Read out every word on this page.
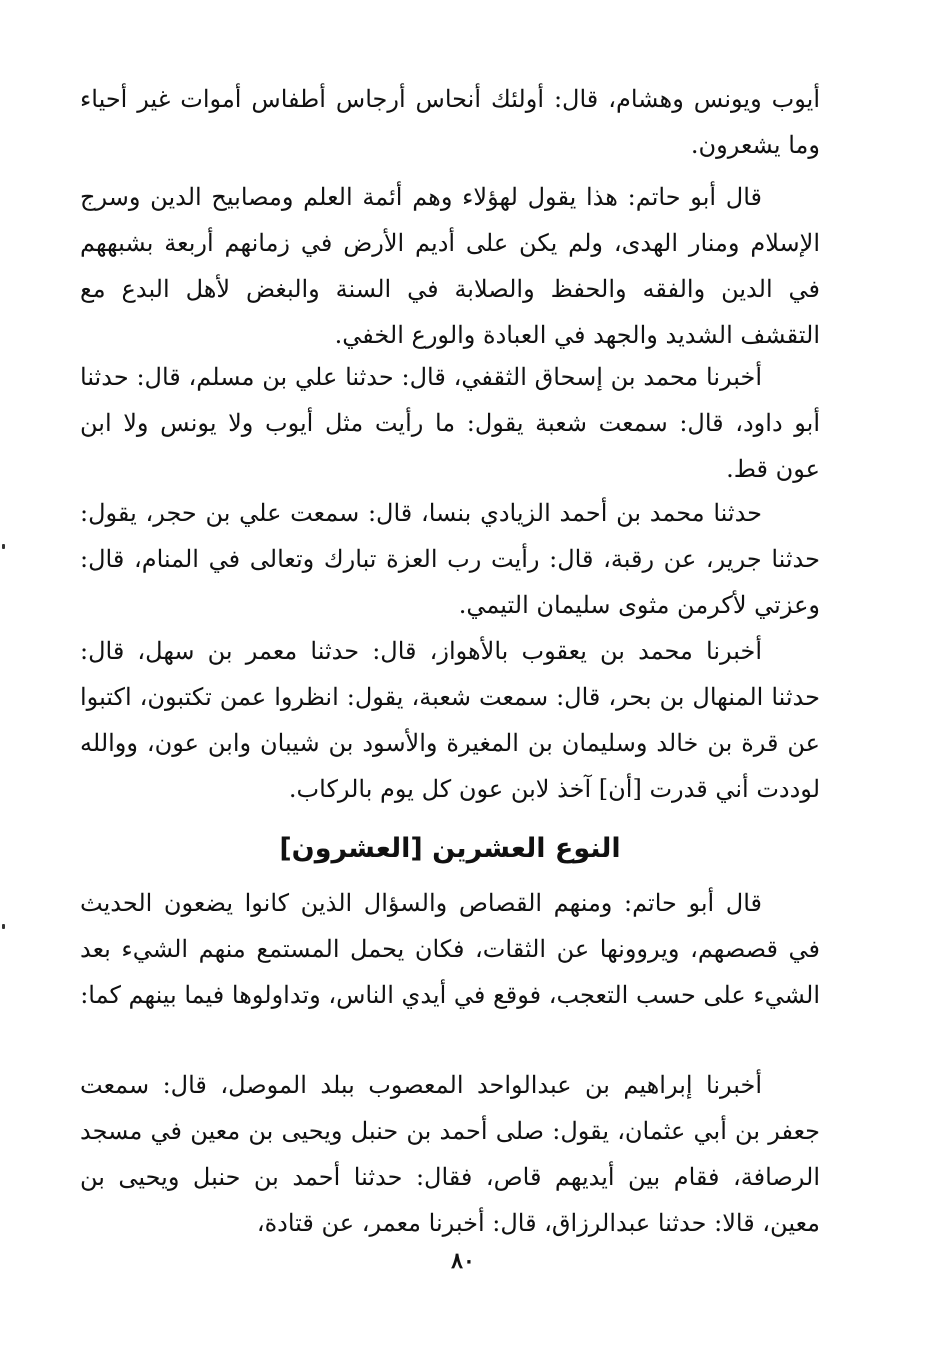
أيوب ويونس وهشام، قال: أولئك أنحاس أرجاس أطفاس أموات غير أحياء وما يشعرون.

قال أبو حاتم: هذا يقول لهؤلاء وهم أئمة العلم ومصابيح الدين وسرج الإسلام ومنار الهدى، ولم يكن على أديم الأرض في زمانهم أربعة بشبههم في الدين والفقه والحفظ والصلابة في السنة والبغض لأهل البدع مع التقشف الشديد والجهد في العبادة والورع الخفي.

أخبرنا محمد بن إسحاق الثقفي، قال: حدثنا علي بن مسلم، قال: حدثنا أبو داود، قال: سمعت شعبة يقول: ما رأيت مثل أيوب ولا يونس ولا ابن عون قط.

حدثنا محمد بن أحمد الزيادي بنسا، قال: سمعت علي بن حجر، يقول: حدثنا جرير، عن رقبة، قال: رأيت رب العزة تبارك وتعالى في المنام، قال: وعزتي لأكرمن مثوى سليمان التيمي.

أخبرنا محمد بن يعقوب بالأهواز، قال: حدثنا معمر بن سهل، قال: حدثنا المنهال بن بحر، قال: سمعت شعبة، يقول: انظروا عمن تكتبون، اكتبوا عن قرة بن خالد وسليمان بن المغيرة والأسود بن شيبان وابن عون، ووالله لوددت أني قدرت [أن] آخذ لابن عون كل يوم بالركاب.

النوع العشرين [العشرون]

قال أبو حاتم: ومنهم القصاص والسؤال الذين كانوا يضعون الحديث في قصصهم، ويروونها عن الثقات، فكان يحمل المستمع منهم الشيء بعد الشيء على حسب التعجب، فوقع في أيدي الناس، وتداولوها فيما بينهم كما:

أخبرنا إبراهيم بن عبدالواحد المعصوب ببلد الموصل، قال: سمعت جعفر بن أبي عثمان، يقول: صلى أحمد بن حنبل ويحيى بن معين في مسجد الرصافة، فقام بين أيديهم قاص، فقال: حدثنا أحمد بن حنبل ويحيى بن معين، قالا: حدثنا عبدالرزاق، قال: أخبرنا معمر، عن قتادة،

٨٠
